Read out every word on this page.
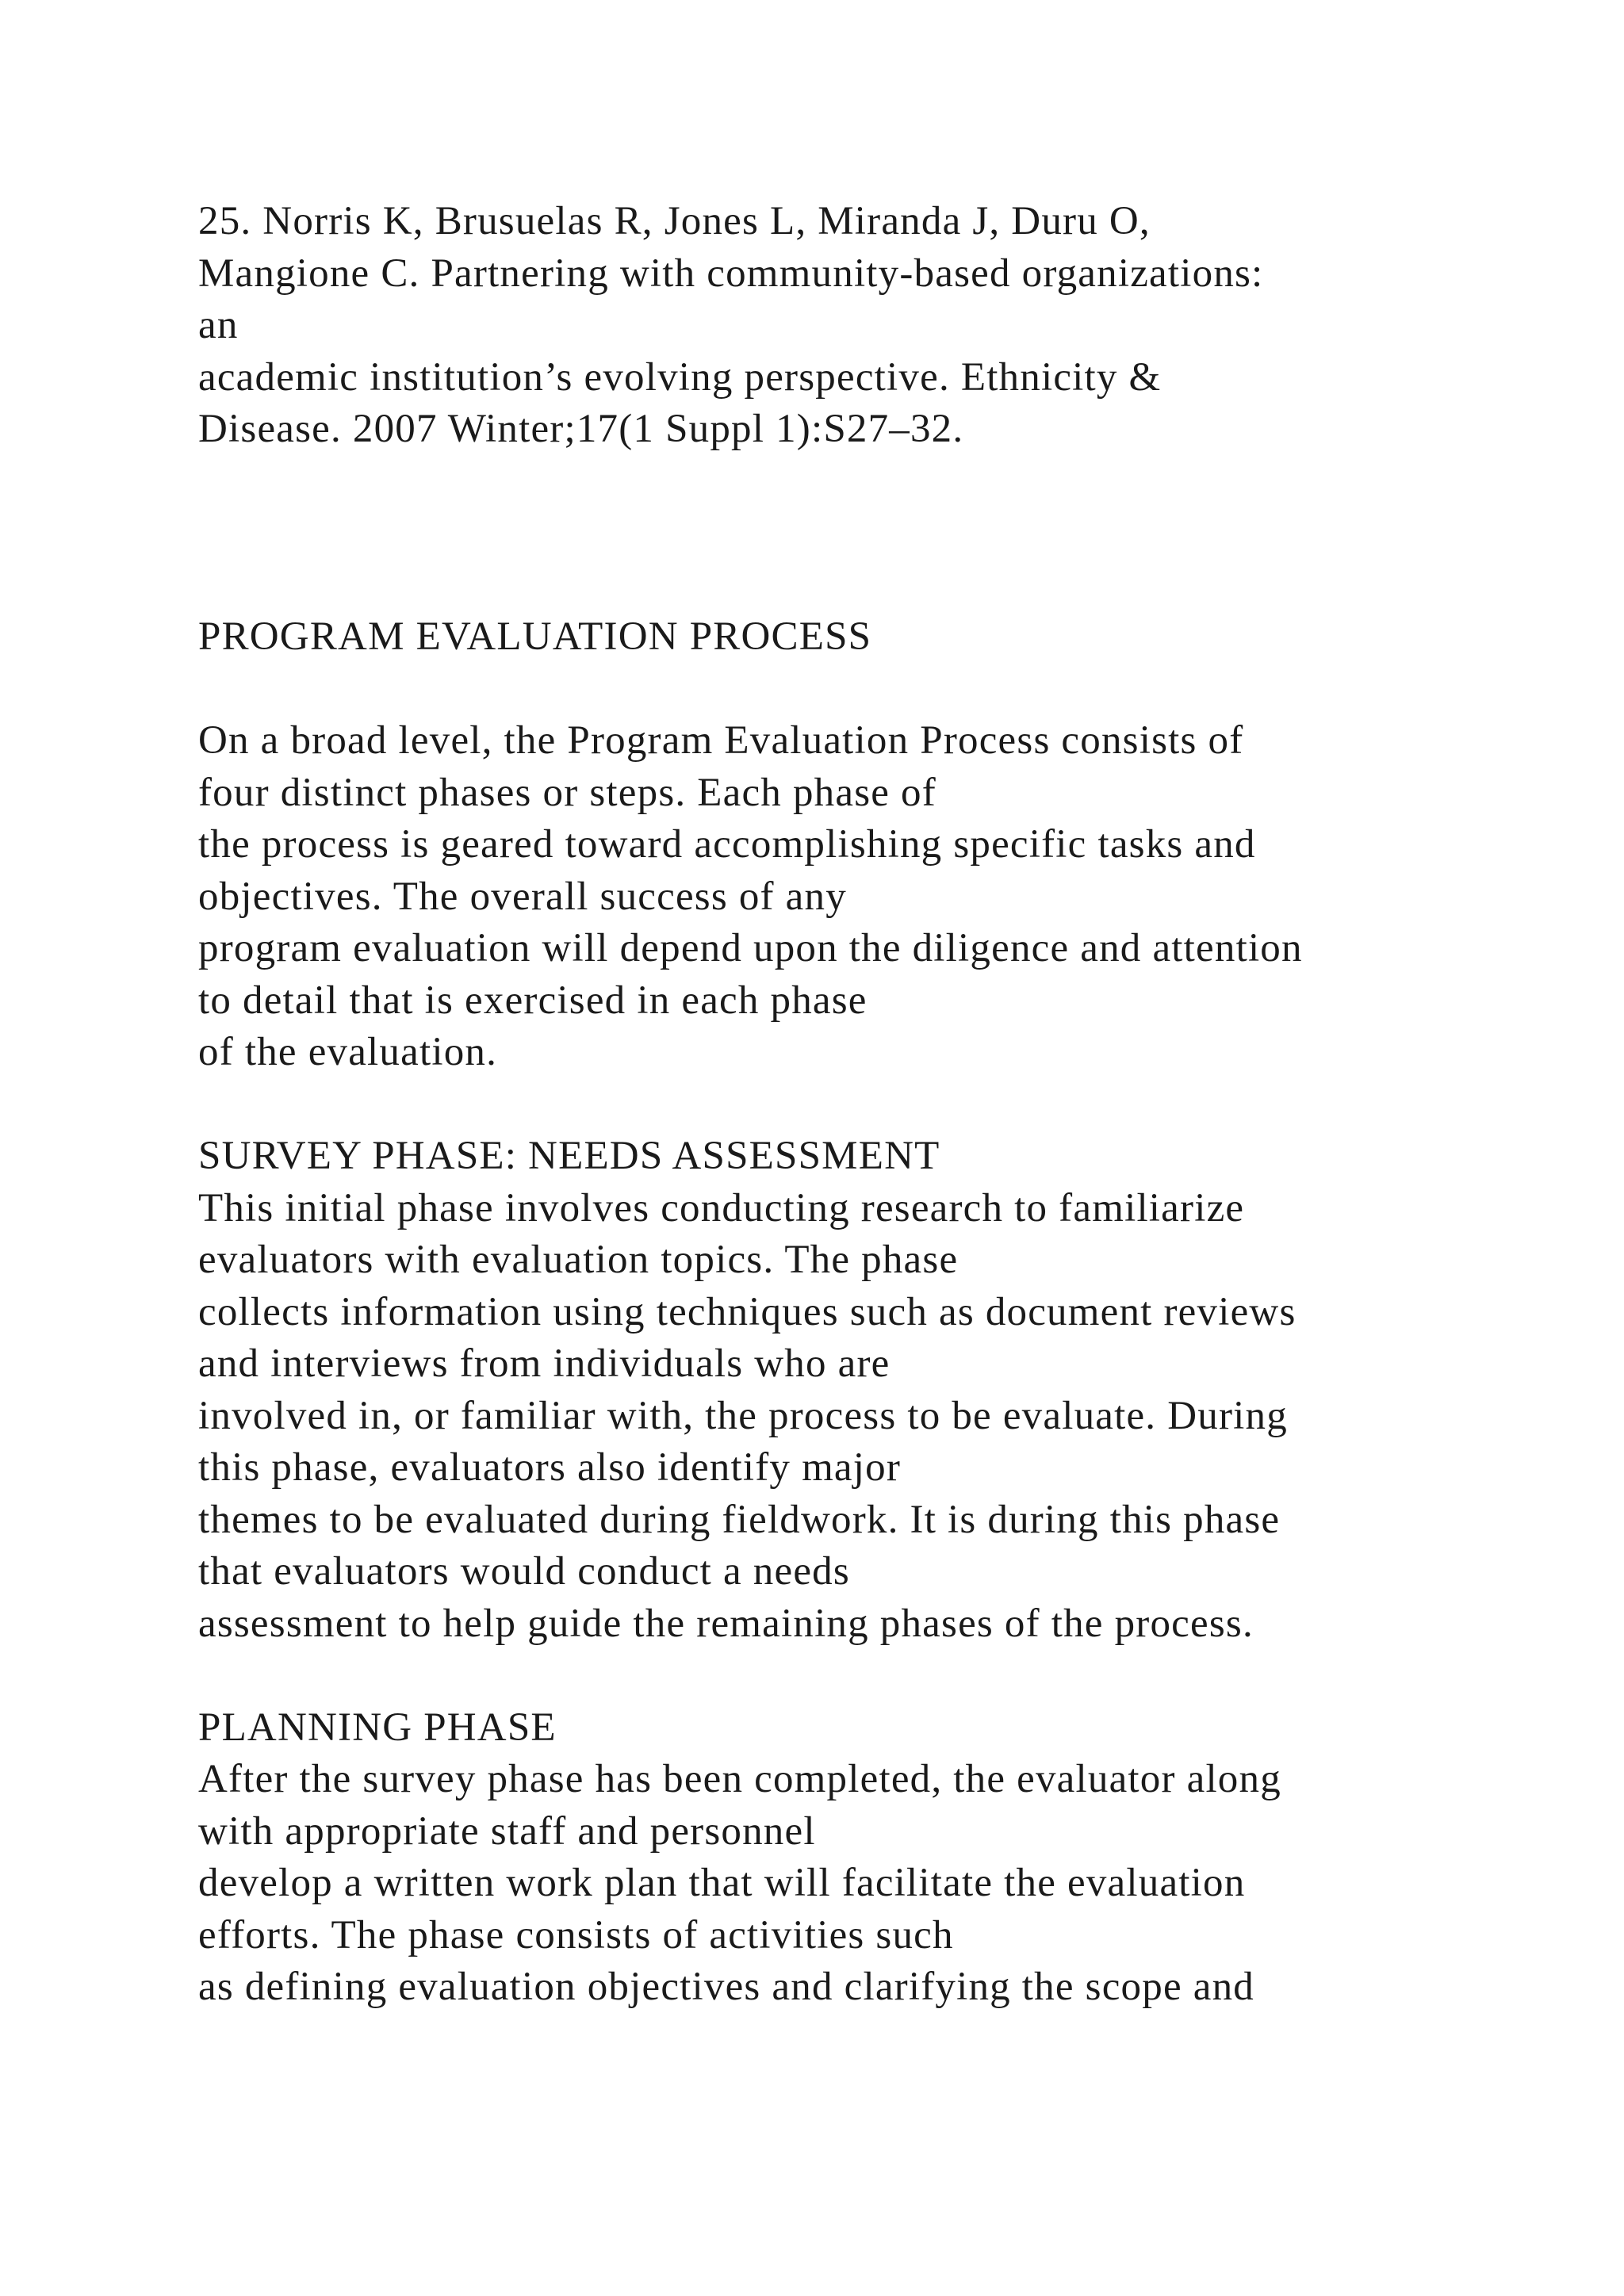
25. Norris K, Brusuelas R, Jones L, Miranda J, Duru O,
Mangione C. Partnering with community-based organizations:
an
academic institution’s evolving perspective. Ethnicity &
Disease. 2007 Winter;17(1 Suppl 1):S27–32.
PROGRAM EVALUATION PROCESS
On a broad level, the Program Evaluation Process consists of
four distinct phases or steps. Each phase of
the process is geared toward accomplishing specific tasks and
objectives. The overall success of any
program evaluation will depend upon the diligence and attention
to detail that is exercised in each phase
of the evaluation.
SURVEY PHASE: NEEDS ASSESSMENT
This initial phase involves conducting research to familiarize
evaluators with evaluation topics. The phase
collects information using techniques such as document reviews
and interviews from individuals who are
involved in, or familiar with, the process to be evaluate. During
this phase, evaluators also identify major
themes to be evaluated during fieldwork. It is during this phase
that evaluators would conduct a needs
assessment to help guide the remaining phases of the process.
PLANNING PHASE
After the survey phase has been completed, the evaluator along
with appropriate staff and personnel
develop a written work plan that will facilitate the evaluation
efforts. The phase consists of activities such
as defining evaluation objectives and clarifying the scope and
